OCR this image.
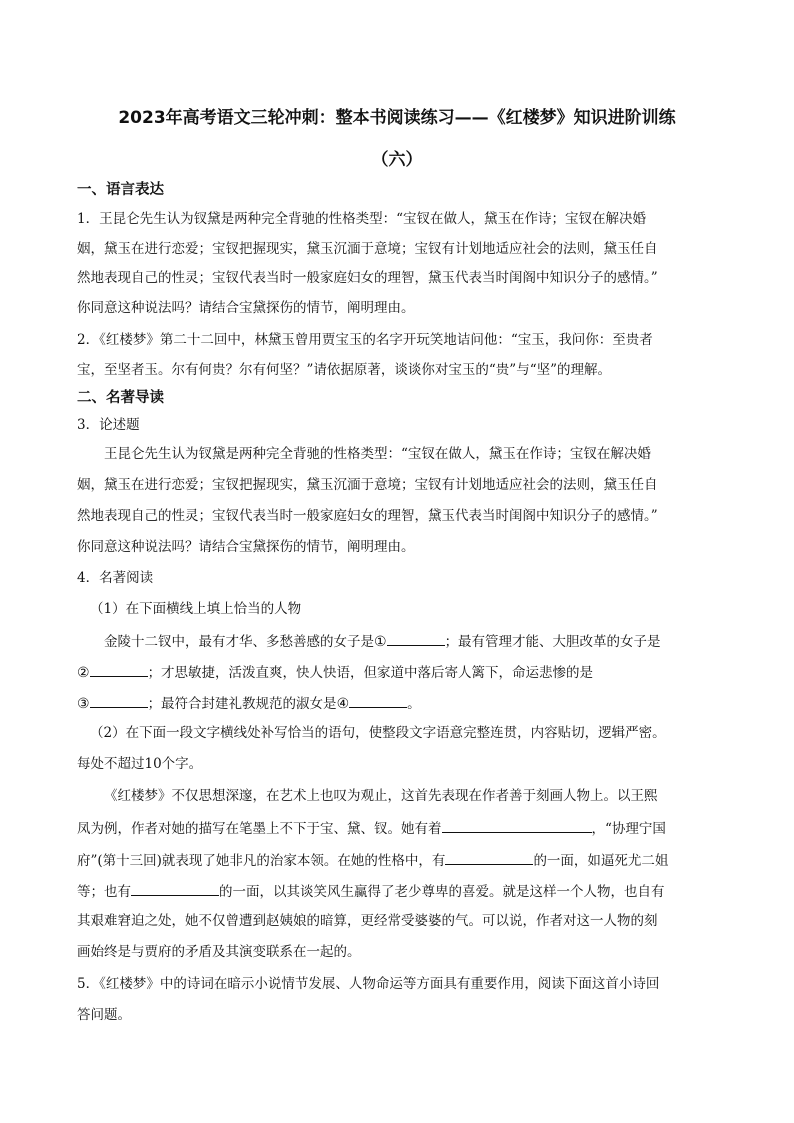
2023年高考语文三轮冲刺：整本书阅读练习——《红楼梦》知识进阶训练
（六）
一、语言表达
1．王昆仑先生认为钗黛是两种完全背驰的性格类型：“宝钗在做人，黛玉在作诗；宝钗在解决婚
姻，黛玉在进行恋爱；宝钗把握现实，黛玉沉湎于意境；宝钗有计划地适应社会的法则，黛玉任自
然地表现自己的性灵；宝钗代表当时一般家庭妇女的理智，黛玉代表当时闺阁中知识分子的感情。”
你同意这种说法吗？请结合宝黛探伤的情节，阐明理由。
2．《红楼梦》第二十二回中，林黛玉曾用贾宝玉的名字开玩笑地诘问他：“宝玉，我问你：至贵者
宝，至坚者玉。尔有何贵？尔有何坚？”请依据原著，谈谈你对宝玉的“贵”与“坚”的理解。
二、名著导读
3．论述题
王昆仑先生认为钗黛是两种完全背驰的性格类型：“宝钗在做人，黛玉在作诗；宝钗在解决婚
姻，黛玉在进行恋爱；宝钗把握现实，黛玉沉湎于意境；宝钗有计划地适应社会的法则，黛玉任自
然地表现自己的性灵；宝钗代表当时一般家庭妇女的理智，黛玉代表当时闺阁中知识分子的感情。”
你同意这种说法吗？请结合宝黛探伤的情节，阐明理由。
4．名著阅读
（1）在下面横线上填上恰当的人物
金陵十二钗中，最有才华、多愁善感的女子是①	；最有管理才能、大胆改革的女子是
②	；才思敏捷，活泼直爽，快人快语，但家道中落后寄人篱下，命运悲惨的是
③	；最符合封建礼教规范的淑女是④	。
（2）在下面一段文字横线处补写恰当的语句，使整段文字语意完整连贯，内容贴切，逻辑严密。
每处不超过10个字。
《红楼梦》不仅思想深邃，在艺术上也叹为观止，这首先表现在作者善于刻画人物上。以王熙
凤为例，作者对她的描写在笔墨上不下于宝、黛、钗。她有着	，“协理宁国
府”(第十三回)就表现了她非凡的治家本领。在她的性格中，有	的一面，如逼死尤二姐
等；也有	的一面，以其谈笑风生赢得了老少尊卑的喜爱。就是这样一个人物，也自有
其艰难窘迫之处，她不仅曾遭到赵姨娘的暗算，更经常受婆婆的气。可以说，作者对这一人物的刻
画始终是与贾府的矛盾及其演变联系在一起的。
5．《红楼梦》中的诗词在暗示小说情节发展、人物命运等方面具有重要作用，阅读下面这首小诗回
答问题。
